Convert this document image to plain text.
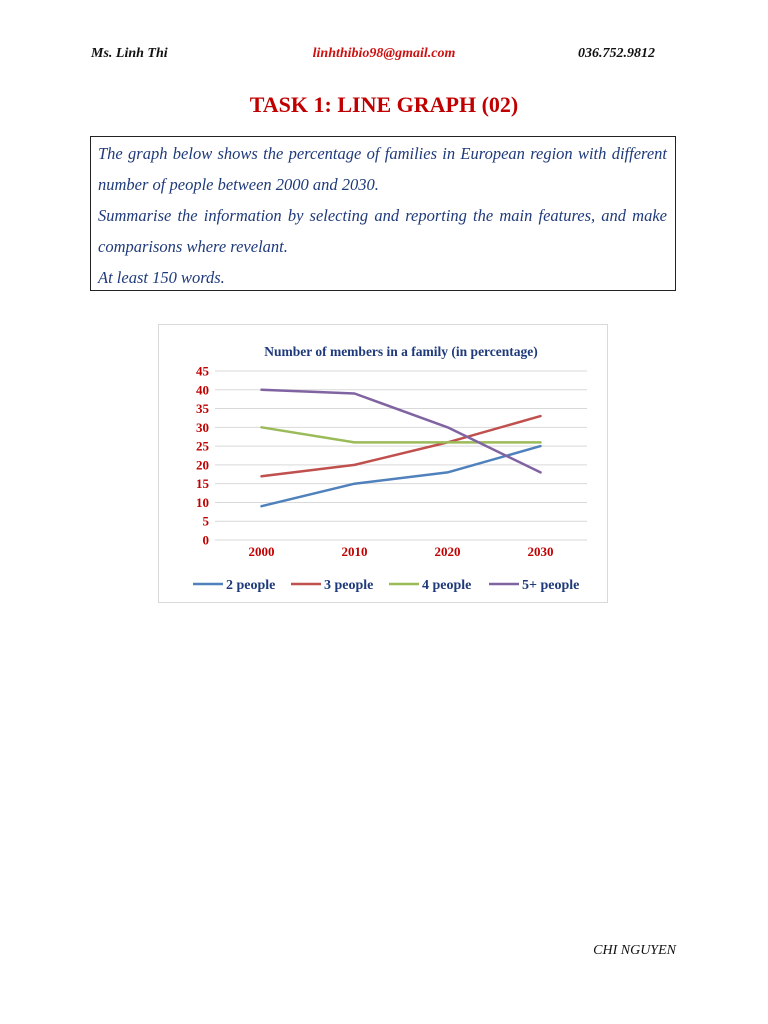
Ms. Linh Thi	linhthibio98@gmail.com	036.752.9812
TASK 1: LINE GRAPH (02)

The graph below shows the percentage of families in European region with different number of people between 2000 and 2030.

Summarise the information by selecting and reporting the main features, and make comparisons where revelant.

At least 150 words.

Number of members in a family (in percentage)
0
5
10
15
20
25
30
35
40
45
2000	2010	2020	2030
2 people	3 people	4 people	5+ people
CHI NGUYEN
